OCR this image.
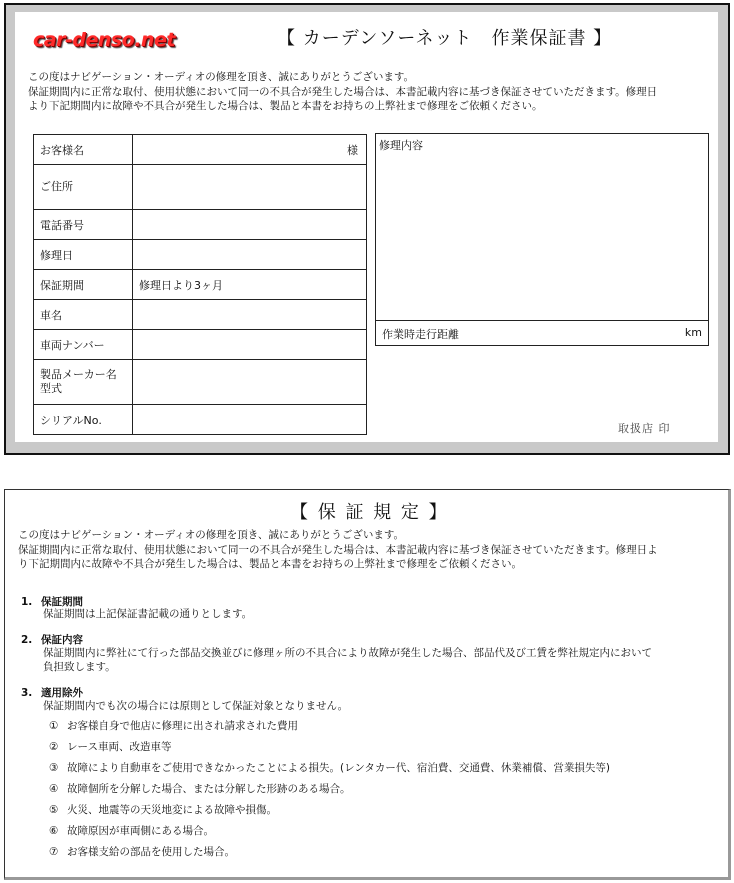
car-denso.net	【 カーデンソーネット　作業保証書 】
この度はナビゲーション・オーディオの修理を頂き、誠にありがとうございます。
保証期間内に正常な取付、使用状態において同一の不具合が発生した場合は、本書記載内容に基づき保証させていただきます。修理日
より下記期間内に故障や不具合が発生した場合は、製品と本書をお持ちの上弊社まで修理をご依頼ください。
お客様名	様

ご住所	
電話番号	
修理日	
保証期間	修理日より3ヶ月
車名	
車両ナンバー	
製品メーカー名
型式	
シリアルNo.	
修理内容
作業時走行距離	km
取扱店 印
【 保 証 規 定 】
この度はナビゲーション・オーディオの修理を頂き、誠にありがとうございます。
保証期間内に正常な取付、使用状態において同一の不具合が発生した場合は、本書記載内容に基づき保証させていただきます。修理日よ
り下記期間内に故障や不具合が発生した場合は、製品と本書をお持ちの上弊社まで修理をご依頼ください。
1. 保証期間
保証期間は上記保証書記載の通りとします。
2. 保証内容
保証期間内に弊社にて行った部品交換並びに修理ヶ所の不具合により故障が発生した場合、部品代及び工賃を弊社規定内において
負担致します。
3. 適用除外
保証期間内でも次の場合には原則として保証対象となりません。
① お客様自身で他店に修理に出され請求された費用
② レース車両、改造車等
③ 故障により自動車をご使用できなかったことによる損失。(レンタカー代、宿泊費、交通費、休業補償、営業損失等)
④ 故障個所を分解した場合、または分解した形跡のある場合。
⑤ 火災、地震等の天災地変による故障や損傷。
⑥ 故障原因が車両側にある場合。
⑦ お客様支給の部品を使用した場合。
